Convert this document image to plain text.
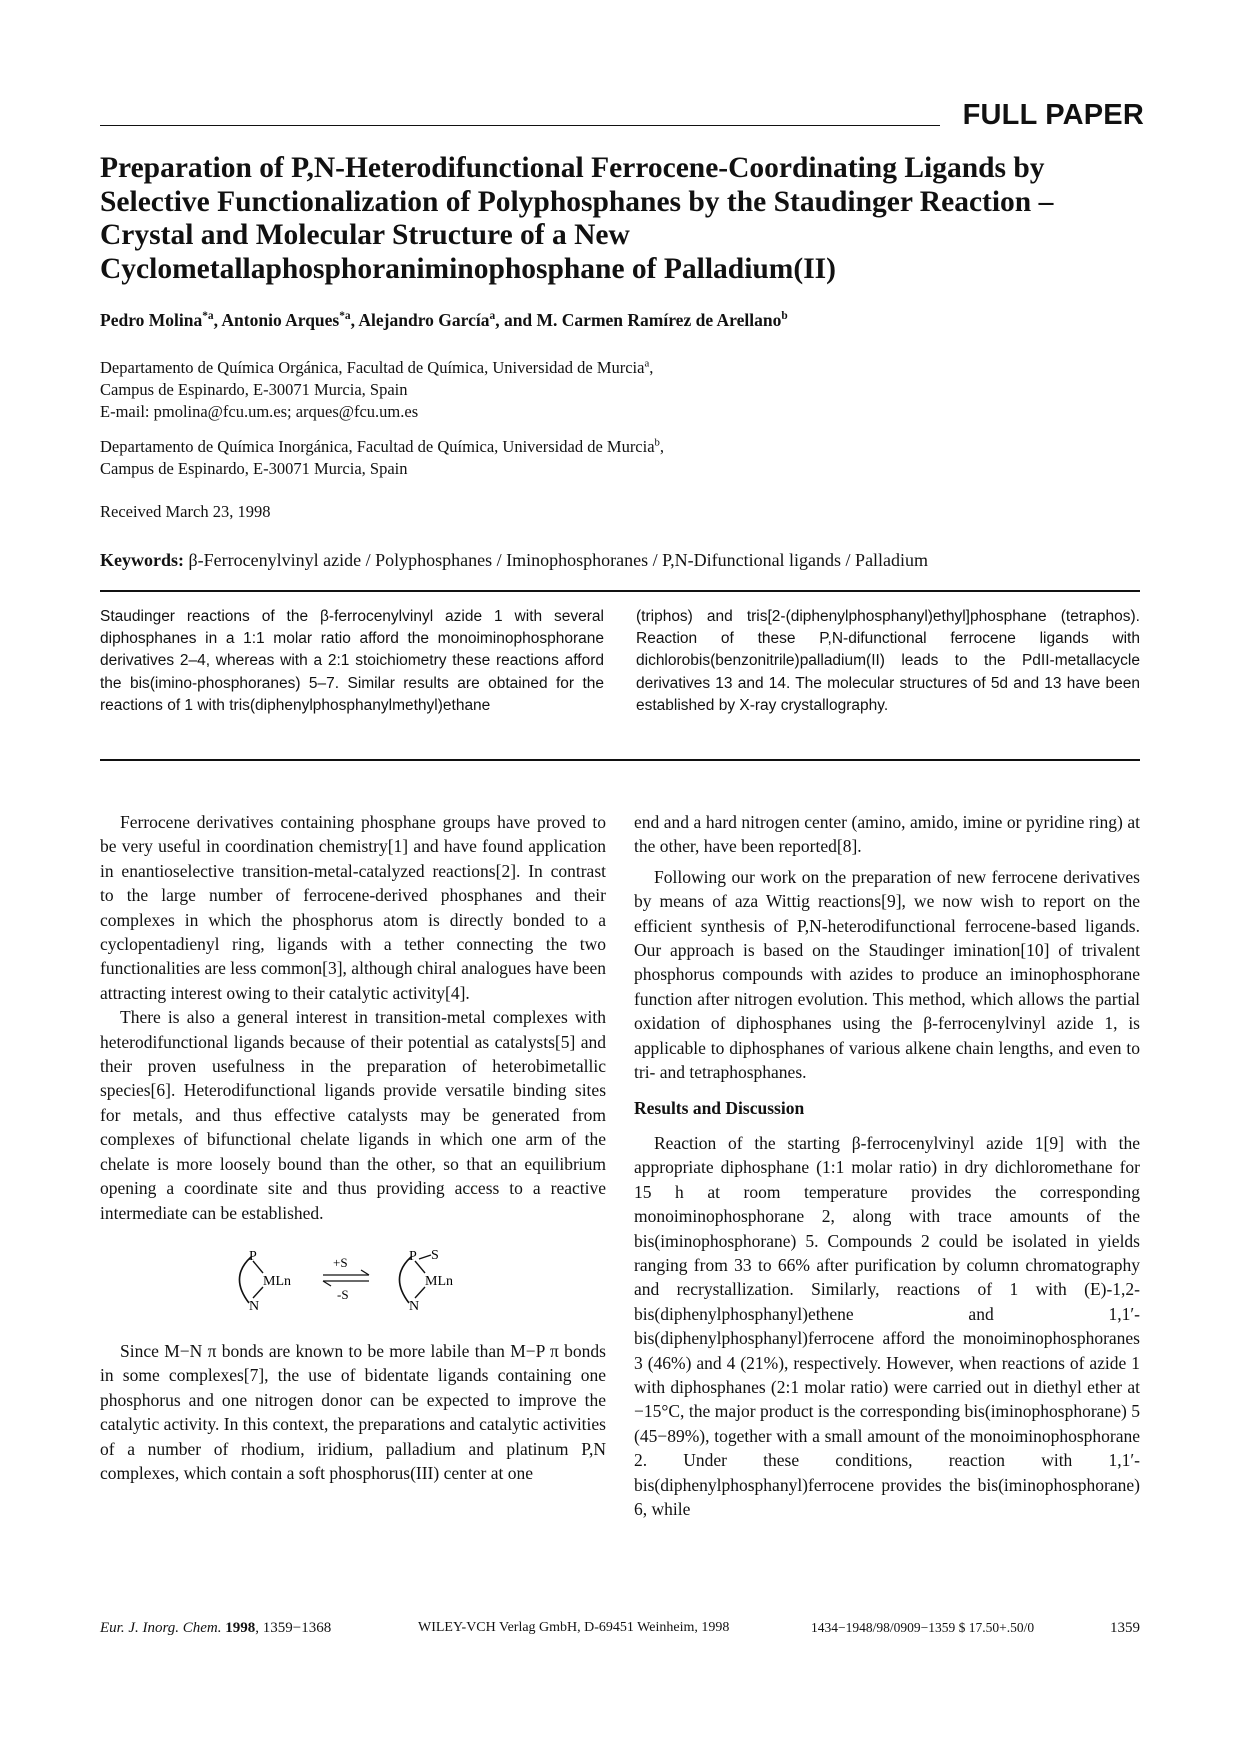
FULL PAPER
Preparation of P,N-Heterodifunctional Ferrocene-Coordinating Ligands by
Selective Functionalization of Polyphosphanes by the Staudinger Reaction –
Crystal and Molecular Structure of a New
Cyclometallaphosphoraniminophosphane of Palladium(II)
Pedro Molina$^{*a}$, Antonio Arques$^{*a}$, Alejandro García$^a$, and M. Carmen Ramírez de Arellano$^b$
Departamento de Química Orgánica, Facultad de Química, Universidad de Murcia$^a$,
Campus de Espinardo, E-30071 Murcia, Spain
E-mail: pmolina@fcu.um.es; arques@fcu.um.es
Departamento de Química Inorgánica, Facultad de Química, Universidad de Murcia$^b$,
Campus de Espinardo, E-30071 Murcia, Spain
Received March 23, 1998
Keywords: β-Ferrocenylvinyl azide / Polyphosphanes / Iminophosphoranes / P,N-Difunctional ligands / Palladium
Staudinger reactions of the β-ferrocenylvinyl azide 1 with several diphosphanes in a 1:1 molar ratio afford the monoiminophosphorane derivatives 2–4, whereas with a 2:1 stoichiometry these reactions afford the bis(imino-phosphoranes) 5–7. Similar results are obtained for the reactions of 1 with tris(diphenylphosphanylmethyl)ethane
(triphos) and tris[2-(diphenylphosphanyl)ethyl]phosphane (tetraphos). Reaction of these P,N-difunctional ferrocene ligands with dichlorobis(benzonitrile)palladium(II) leads to the PdII-metallacycle derivatives 13 and 14. The molecular structures of 5d and 13 have been established by X-ray crystallography.

Ferrocene derivatives containing phosphane groups have proved to be very useful in coordination chemistry[1] and have found application in enantioselective transition-metal-catalyzed reactions[2]. In contrast to the large number of ferrocene-derived phosphanes and their complexes in which the phosphorus atom is directly bonded to a cyclopentadienyl ring, ligands with a tether connecting the two functionalities are less common[3], although chiral analogues have been attracting interest owing to their catalytic activity[4].

There is also a general interest in transition-metal complexes with heterodifunctional ligands because of their potential as catalysts[5] and their proven usefulness in the preparation of heterobimetallic species[6]. Heterodifunctional ligands provide versatile binding sites for metals, and thus effective catalysts may be generated from complexes of bifunctional chelate ligands in which one arm of the chelate is more loosely bound than the other, so that an equilibrium opening a coordinate site and thus providing access to a reactive intermediate can be established.

P
N
MLn
+S
-S
P S
N
MLn

Since M−N π bonds are known to be more labile than M−P π bonds in some complexes[7], the use of bidentate ligands containing one phosphorus and one nitrogen donor can be expected to improve the catalytic activity. In this context, the preparations and catalytic activities of a number of rhodium, iridium, palladium and platinum P,N complexes, which contain a soft phosphorus(III) center at one

end and a hard nitrogen center (amino, amido, imine or pyridine ring) at the other, have been reported[8].

Following our work on the preparation of new ferrocene derivatives by means of aza Wittig reactions[9], we now wish to report on the efficient synthesis of P,N-heterodifunctional ferrocene-based ligands. Our approach is based on the Staudinger imination[10] of trivalent phosphorus compounds with azides to produce an iminophosphorane function after nitrogen evolution. This method, which allows the partial oxidation of diphosphanes using the β-ferrocenylvinyl azide 1, is applicable to diphosphanes of various alkene chain lengths, and even to tri- and tetraphosphanes.

Results and Discussion

Reaction of the starting β-ferrocenylvinyl azide 1[9] with the appropriate diphosphane (1:1 molar ratio) in dry dichloromethane for 15 h at room temperature provides the corresponding monoiminophosphorane 2, along with trace amounts of the bis(iminophosphorane) 5. Compounds 2 could be isolated in yields ranging from 33 to 66% after purification by column chromatography and recrystallization. Similarly, reactions of 1 with (E)-1,2-bis(diphenylphosphanyl)ethene and 1,1′-bis(diphenylphosphanyl)ferrocene afford the monoiminophosphoranes 3 (46%) and 4 (21%), respectively. However, when reactions of azide 1 with diphosphanes (2:1 molar ratio) were carried out in diethyl ether at −15°C, the major product is the corresponding bis(iminophosphorane) 5 (45−89%), together with a small amount of the monoiminophosphorane 2. Under these conditions, reaction with 1,1′-bis(diphenylphosphanyl)ferrocene provides the bis(iminophosphorane) 6, while

Eur. J. Inorg. Chem. 1998, 1359−1368	WILEY-VCH Verlag GmbH, D-69451 Weinheim, 1998	1434−1948/98/0909−1359 $ 17.50+.50/0	1359
